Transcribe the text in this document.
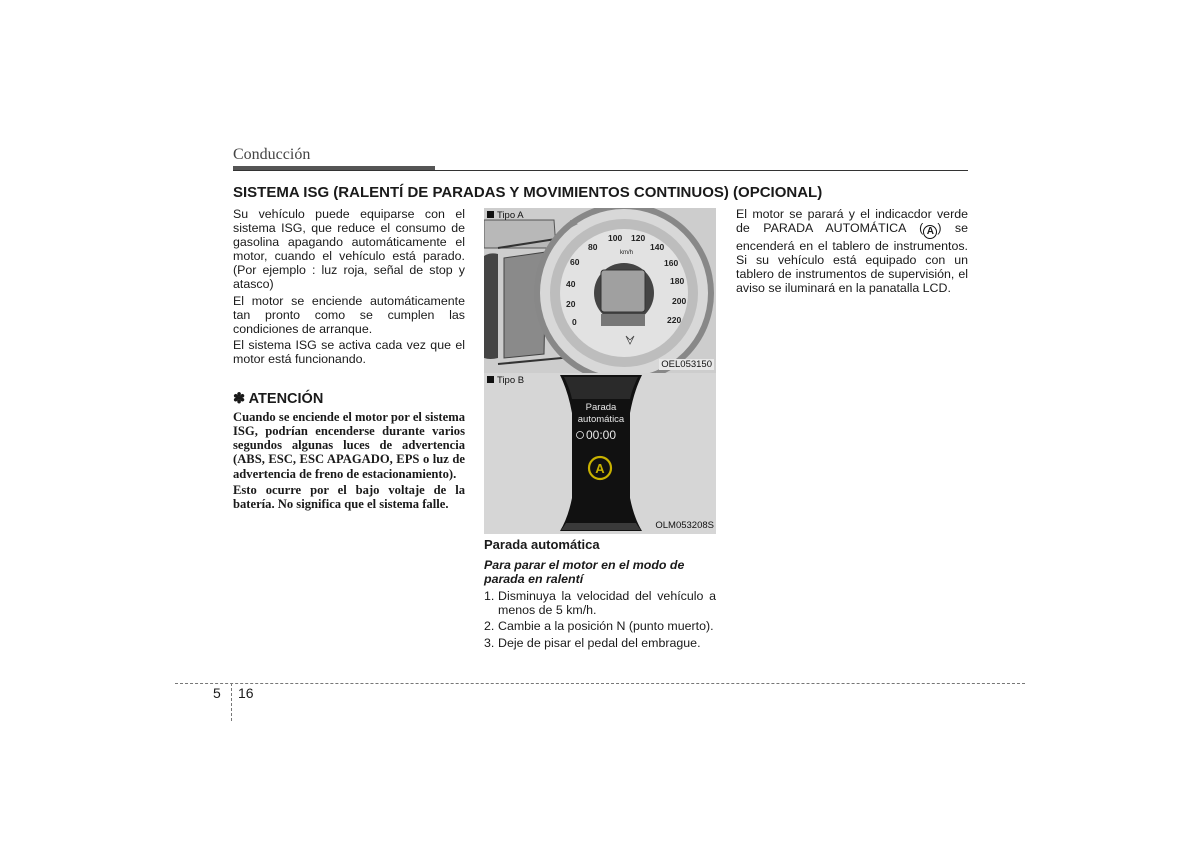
Conducción
SISTEMA ISG (RALENTÍ DE PARADAS Y MOVIMIENTOS CONTINUOS) (OPCIONAL)

Su vehículo puede equiparse con el sistema ISG, que reduce el consumo de gasolina apagando automáticamente el motor, cuando el vehículo está parado. (Por ejemplo : luz roja, señal de stop y atasco)

El motor se enciende automáticamente tan pronto como se cumplen las condiciones de arranque.

El sistema ISG se activa cada vez que el motor está funcionando.

✽ ATENCIÓN

Cuando se enciende el motor por el sistema ISG, podrían encenderse durante varios segundos algunas luces de advertencia (ABS, ESC, ESC APAGADO, EPS o luz de advertencia de freno de estacionamiento).

Esto ocurre por el bajo voltaje de la batería. No significa que el sistema falle.

0
20
40
60
80
100 120
140
160
180
200
220
km/h
Tipo A
OEL053150
A
Parada
automática
00:00
Tipo B
OLM053208S
Parada automática
Para parar el motor en el modo de parada en ralentí
1. Disminuya la velocidad del vehículo a menos de 5 km/h.
2. Cambie a la posición N (punto muerto).
3. Deje de pisar el pedal del embrague.

El motor se parará y el indicacdor verde de PARADA AUTOMÁTICA ( A ) se encenderá en el tablero de instrumentos. Si su vehículo está equipado con un tablero de instrumentos de supervisión, el aviso se iluminará en la panatalla LCD.

5 16
